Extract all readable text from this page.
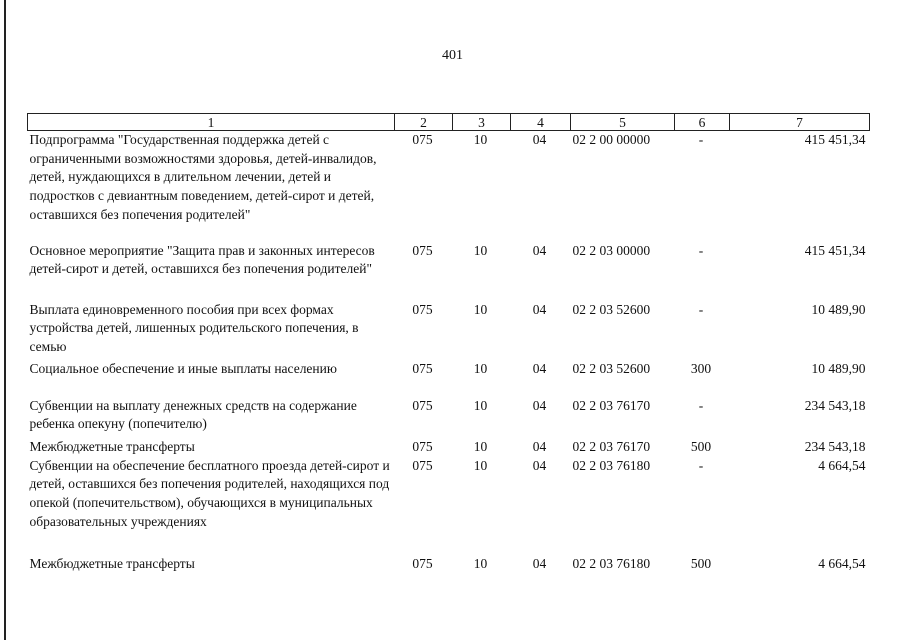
401
1	2	3	4	5	6	7
Подпрограмма "Государственная поддержка детей с ограниченными возможностями здоровья, детей-инвалидов, детей, нуждающихся в длительном лечении, детей и подростков с девиантным поведением, детей-сирот и детей, оставшихся без попечения родителей"	075	10	04	02 2 00 00000	-	415 451,34
Основное мероприятие "Защита прав и законных интересов детей-сирот и детей, оставшихся без попечения родителей"	075	10	04	02 2 03 00000	-	415 451,34
Выплата единовременного пособия при всех формах устройства детей, лишенных родительского попечения, в семью	075	10	04	02 2 03 52600	-	10 489,90
Социальное обеспечение и иные выплаты населению	075	10	04	02 2 03 52600	300	10 489,90
Субвенции на выплату денежных средств на содержание ребенка опекуну (попечителю)	075	10	04	02 2 03 76170	-	234 543,18
Межбюджетные трансферты	075	10	04	02 2 03 76170	500	234 543,18
Субвенции на обеспечение бесплатного проезда детей-сирот и детей, оставшихся без попечения родителей, находящихся под опекой (попечительством), обучающихся в муниципальных образовательных учреждениях	075	10	04	02 2 03 76180	-	4 664,54
Межбюджетные трансферты	075	10	04	02 2 03 76180	500	4 664,54
